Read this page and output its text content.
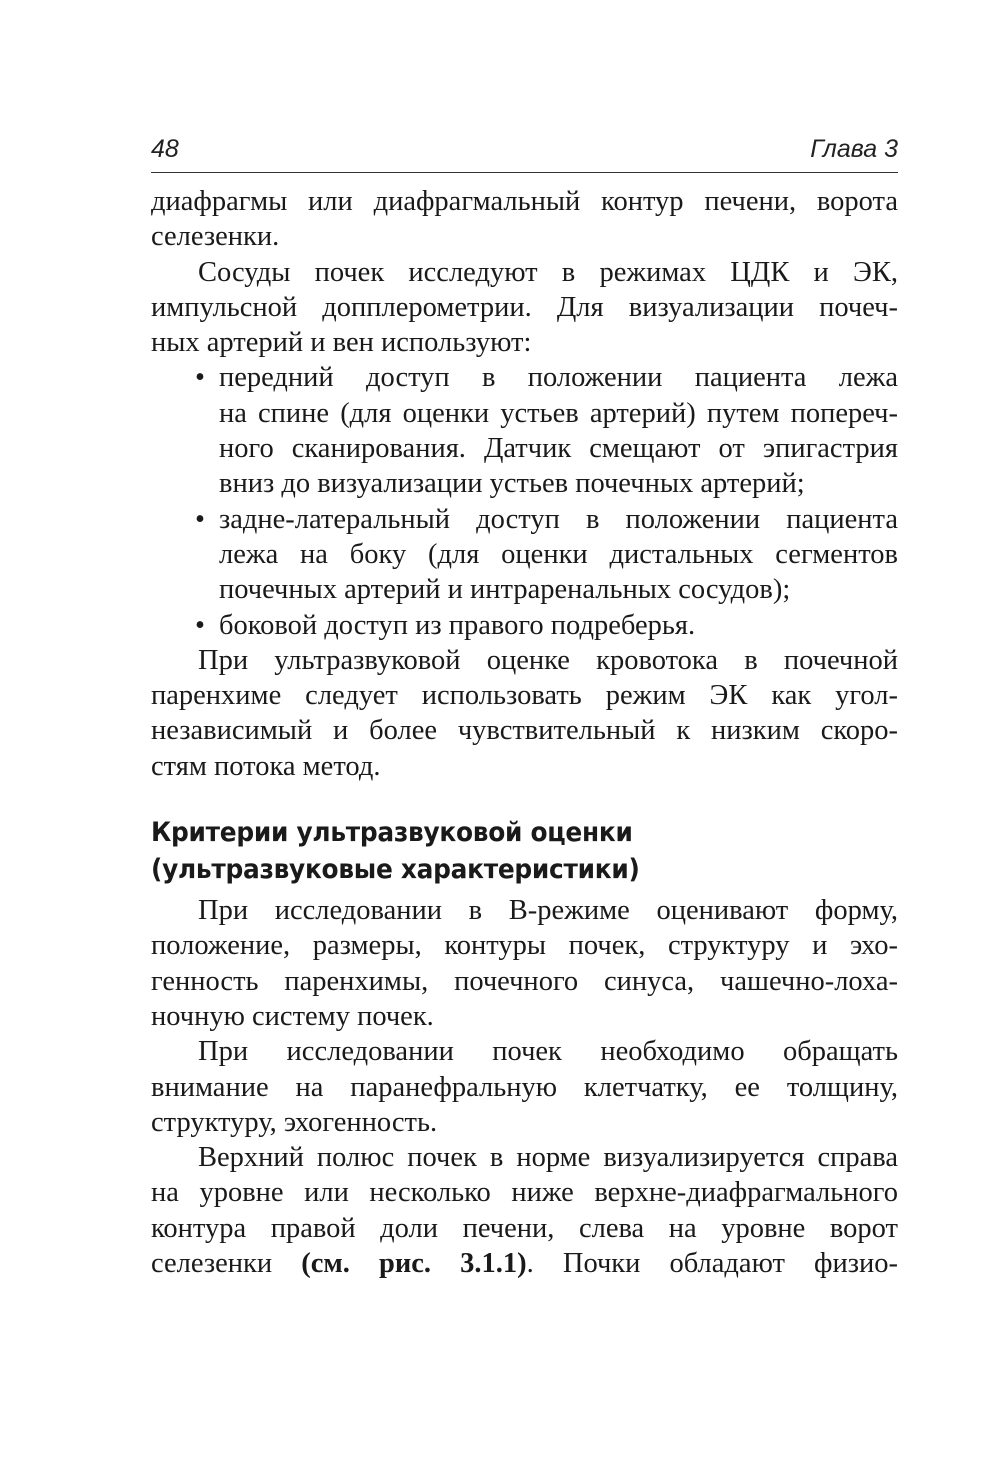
48	Глава 3
диафрагмы или диафрагмальный контур печени, ворота
селезенки.
Сосуды почек исследуют в режимах ЦДК и ЭК,
импульсной допплерометрии. Для визуализации почеч-
ных артерий и вен используют:
• передний доступ в положении пациента лежа
на спине (для оценки устьев артерий) путем попереч-
ного сканирования. Датчик смещают от эпигастрия
вниз до визуализации устьев почечных артерий;
• задне-латеральный доступ в положении пациента
лежа на боку (для оценки дистальных сегментов
почечных артерий и интраренальных сосудов);
• боковой доступ из правого подреберья.
При ультразвуковой оценке кровотока в почечной
паренхиме следует использовать режим ЭК как угол-
независимый и более чувствительный к низким скоро-
стям потока метод.
Критерии ультразвуковой оценки
(ультразвуковые характеристики)
При исследовании в В-режиме оценивают форму,
положение, размеры, контуры почек, структуру и эхо-
генность паренхимы, почечного синуса, чашечно-лоха-
ночную систему почек.
При исследовании почек необходимо обращать
внимание на паранефральную клетчатку, ее толщину,
структуру, эхогенность.
Верхний полюс почек в норме визуализируется справа
на уровне или несколько ниже верхне-диафрагмального
контура правой доли печени, слева на уровне ворот
селезенки (см. рис. 3.1.1). Почки обладают физио-
